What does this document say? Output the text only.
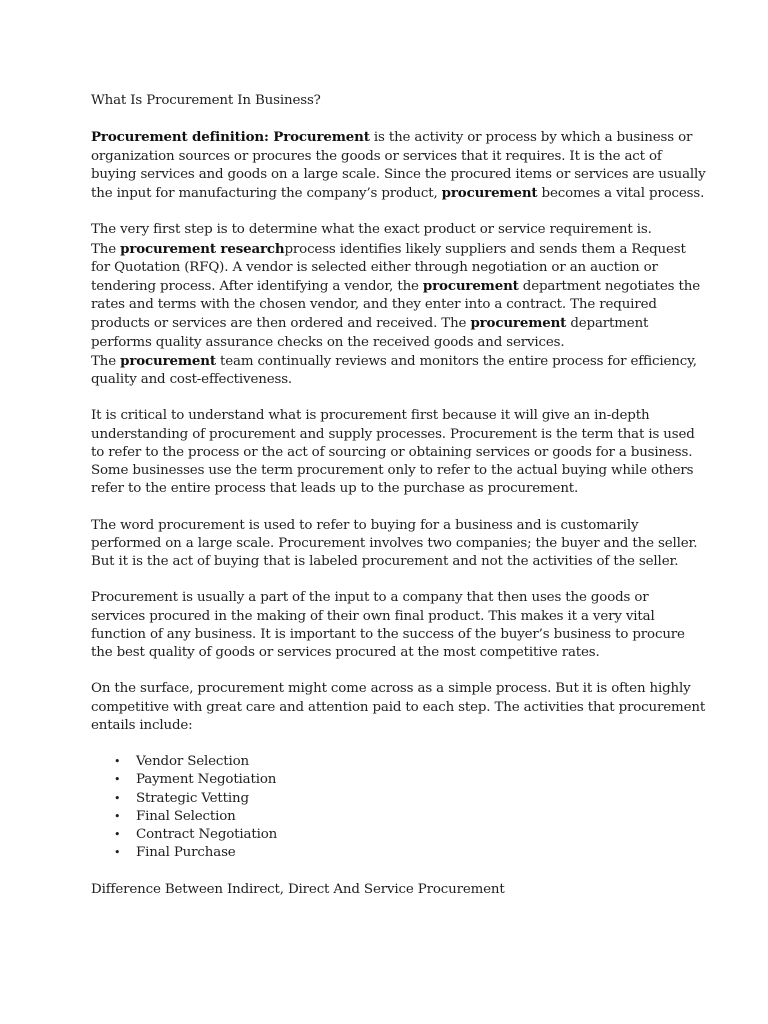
What Is Procurement In Business?

Procurement definition: Procurement is the activity or process by which a business or
organization sources or procures the goods or services that it requires. It is the act of
buying services and goods on a large scale. Since the procured items or services are usually
the input for manufacturing the company’s product, procurement becomes a vital process.

The very first step is to determine what the exact product or service requirement is.
The procurement researchprocess identifies likely suppliers and sends them a Request
for Quotation (RFQ). A vendor is selected either through negotiation or an auction or
tendering process. After identifying a vendor, the procurement department negotiates the
rates and terms with the chosen vendor, and they enter into a contract. The required
products or services are then ordered and received. The procurement department
performs quality assurance checks on the received goods and services.
The procurement team continually reviews and monitors the entire process for efficiency,
quality and cost-effectiveness.

It is critical to understand what is procurement first because it will give an in-depth
understanding of procurement and supply processes. Procurement is the term that is used
to refer to the process or the act of sourcing or obtaining services or goods for a business.
Some businesses use the term procurement only to refer to the actual buying while others
refer to the entire process that leads up to the purchase as procurement.

The word procurement is used to refer to buying for a business and is customarily
performed on a large scale. Procurement involves two companies; the buyer and the seller.
But it is the act of buying that is labeled procurement and not the activities of the seller.

Procurement is usually a part of the input to a company that then uses the goods or
services procured in the making of their own final product. This makes it a very vital
function of any business. It is important to the success of the buyer’s business to procure
the best quality of goods or services procured at the most competitive rates.

On the surface, procurement might come across as a simple process. But it is often highly
competitive with great care and attention paid to each step. The activities that procurement
entails include:

• Vendor Selection
• Payment Negotiation
• Strategic Vetting
• Final Selection
• Contract Negotiation
• Final Purchase

Difference Between Indirect, Direct And Service Procurement
